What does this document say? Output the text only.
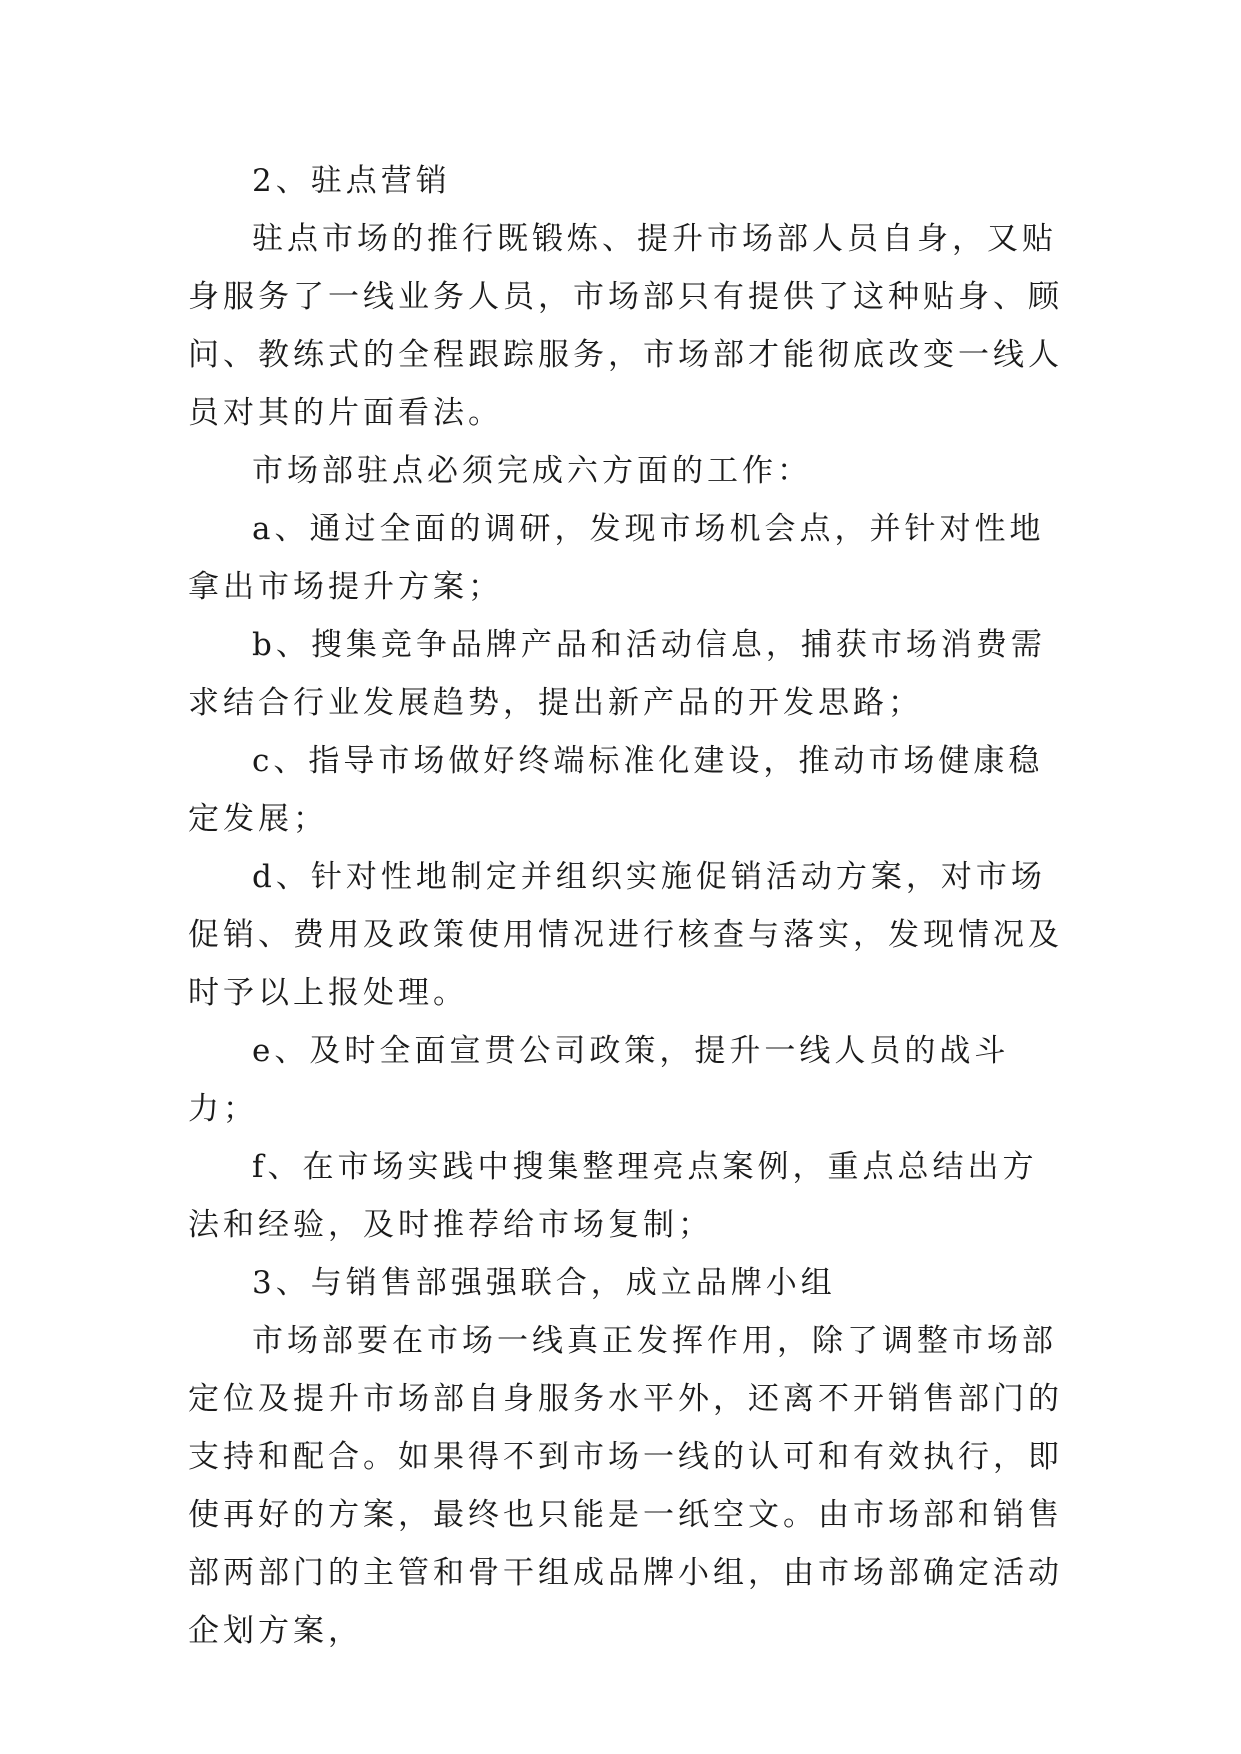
2、驻点营销

驻点市场的推行既锻炼、提升市场部人员自身，又贴身服务了一线业务人员，市场部只有提供了这种贴身、顾问、教练式的全程跟踪服务，市场部才能彻底改变一线人员对其的片面看法。

市场部驻点必须完成六方面的工作：

a、通过全面的调研，发现市场机会点，并针对性地拿出市场提升方案；

b、搜集竞争品牌产品和活动信息，捕获市场消费需求结合行业发展趋势，提出新产品的开发思路；

c、指导市场做好终端标准化建设，推动市场健康稳定发展；

d、针对性地制定并组织实施促销活动方案，对市场促销、费用及政策使用情况进行核查与落实，发现情况及时予以上报处理。

e、及时全面宣贯公司政策，提升一线人员的战斗力；

f、在市场实践中搜集整理亮点案例，重点总结出方法和经验，及时推荐给市场复制；

3、与销售部强强联合，成立品牌小组

市场部要在市场一线真正发挥作用，除了调整市场部定位及提升市场部自身服务水平外，还离不开销售部门的支持和配合。如果得不到市场一线的认可和有效执行，即使再好的方案，最终也只能是一纸空文。由市场部和销售部两部门的主管和骨干组成品牌小组，由市场部确定活动企划方案，
